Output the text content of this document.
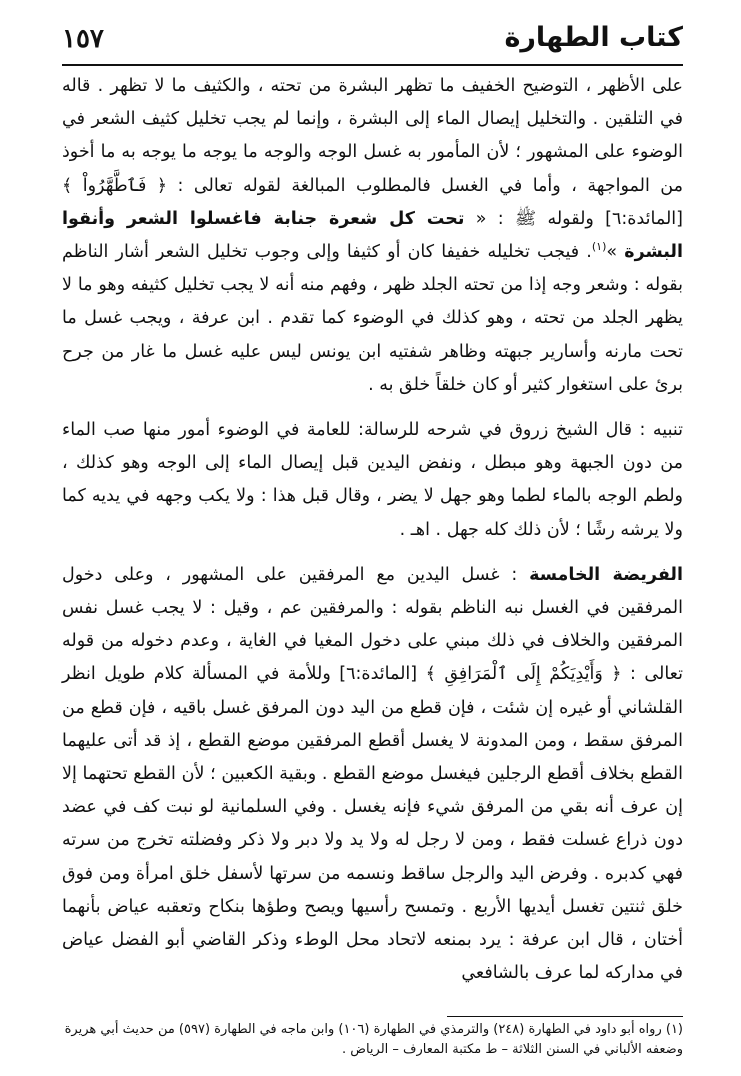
١٥٧	كتاب الطهارة

على الأظهر ، التوضيح الخفيف ما تظهر البشرة من تحته ، والكثيف ما لا تظهر . قاله في التلقين . والتخليل إيصال الماء إلى البشرة ، وإنما لم يجب تخليل كثيف الشعر في الوضوء على المشهور ؛ لأن المأمور به غسل الوجه والوجه ما يوجه ما يوجه به ما أخوذ من المواجهة ، وأما في الغسل فالمطلوب المبالغة لقوله تعالى : ﴿ فَٱطَّهَّرُواْ ﴾ [المائدة:٦] ولقوله ﷺ : « تحت كل شعرة جنابة فاغسلوا الشعر وأنقوا البشرة »$^{(١)}$. فيجب تخليله خفيفا كان أو كثيفا وإلى وجوب تخليل الشعر أشار الناظم بقوله : وشعر وجه إذا من تحته الجلد ظهر ، وفهم منه أنه لا يجب تخليل كثيفه وهو ما لا يظهر الجلد من تحته ، وهو كذلك في الوضوء كما تقدم . ابن عرفة ، ويجب غسل ما تحت مارنه وأسارير جبهته وظاهر شفتيه ابن يونس ليس عليه غسل ما غار من جرح برئ على استغوار كثير أو كان خلقاً خلق به .

تنبيه : قال الشيخ زروق في شرحه للرسالة: للعامة في الوضوء أمور منها صب الماء من دون الجبهة وهو مبطل ، ونفض اليدين قبل إيصال الماء إلى الوجه وهو كذلك ، ولطم الوجه بالماء لطما وهو جهل لا يضر ، وقال قبل هذا : ولا يكب وجهه في يديه كما ولا يرشه رشًا ؛ لأن ذلك كله جهل . اهـ .

الفريضة الخامسة : غسل اليدين مع المرفقين على المشهور ، وعلى دخول المرفقين في الغسل نبه الناظم بقوله : والمرفقين عم ، وقيل : لا يجب غسل نفس المرفقين والخلاف في ذلك مبني على دخول المغيا في الغاية ، وعدم دخوله من قوله تعالى : ﴿ وَأَيْدِيَكُمْ إِلَى ٱلْمَرَافِقِ ﴾ [المائدة:٦] وللأمة في المسألة كلام طويل انظر القلشاني أو غيره إن شئت ، فإن قطع من اليد دون المرفق غسل باقيه ، فإن قطع من المرفق سقط ، ومن المدونة لا يغسل أقطع المرفقين موضع القطع ، إذ قد أتى عليهما القطع بخلاف أقطع الرجلين فيغسل موضع القطع . وبقية الكعبين ؛ لأن القطع تحتهما إلا إن عرف أنه بقي من المرفق شيء فإنه يغسل . وفي السلمانية لو نبت كف في عضد دون ذراع غسلت فقط ، ومن لا رجل له ولا يد ولا دبر ولا ذكر وفضلته تخرج من سرته فهي كدبره . وفرض اليد والرجل ساقط ونسمه من سرتها لأسفل خلق امرأة ومن فوق خلق ثنتين تغسل أيديها الأربع . وتمسح رأسيها ويصح وطؤها بنكاح وتعقبه عياض بأنهما أختان ، قال ابن عرفة : يرد بمنعه لاتحاد محل الوطء وذكر القاضي أبو الفضل عياض في مداركه لما عرف بالشافعي

(١) رواه أبو داود في الطهارة (٢٤٨) والترمذي في الطهارة (١٠٦) وابن ماجه في الطهارة (٥٩٧) من حديث أبي هريرة وضعفه الألباني في السنن الثلاثة – ط مكتبة المعارف – الرياض .
